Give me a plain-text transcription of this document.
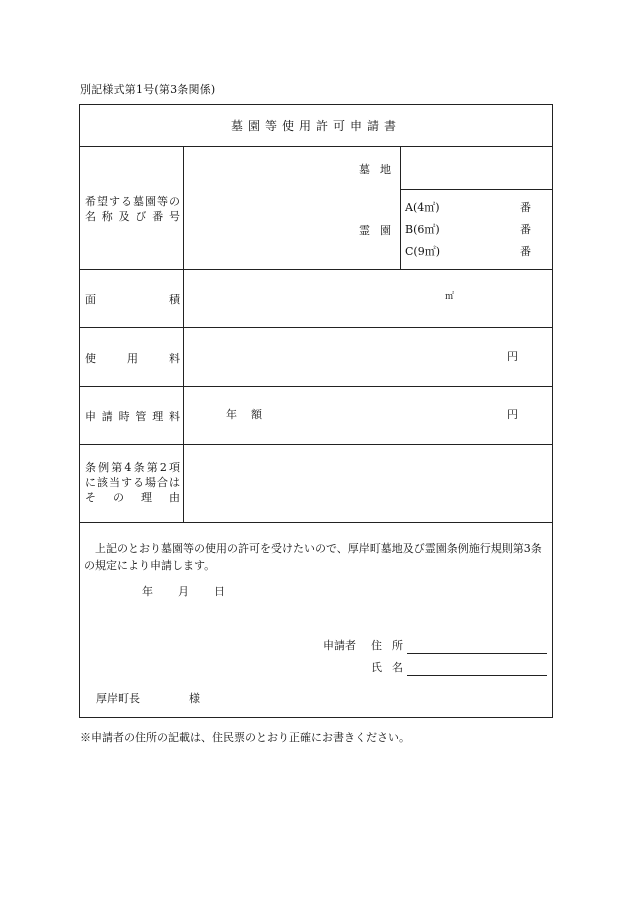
別記様式第1号(第3条関係)
墓園等使用許可申請書
希望する墓園等の
名称及び番号
墓地
霊園
A(4㎡)	番
B(6㎡)	番
C(9㎡)	番
面積	㎡
使用料	円
申請時管理料	年額	円
条例第4条第2項
に該当する場合は
その理由
上記のとおり墓園等の使用の許可を受けたいので、厚岸町墓地及び霊園条例施行規則第3条の規定により申請します。
年 月 日
申請者 住所
氏名
厚岸町長	様
※申請者の住所の記載は、住民票のとおり正確にお書きください。
